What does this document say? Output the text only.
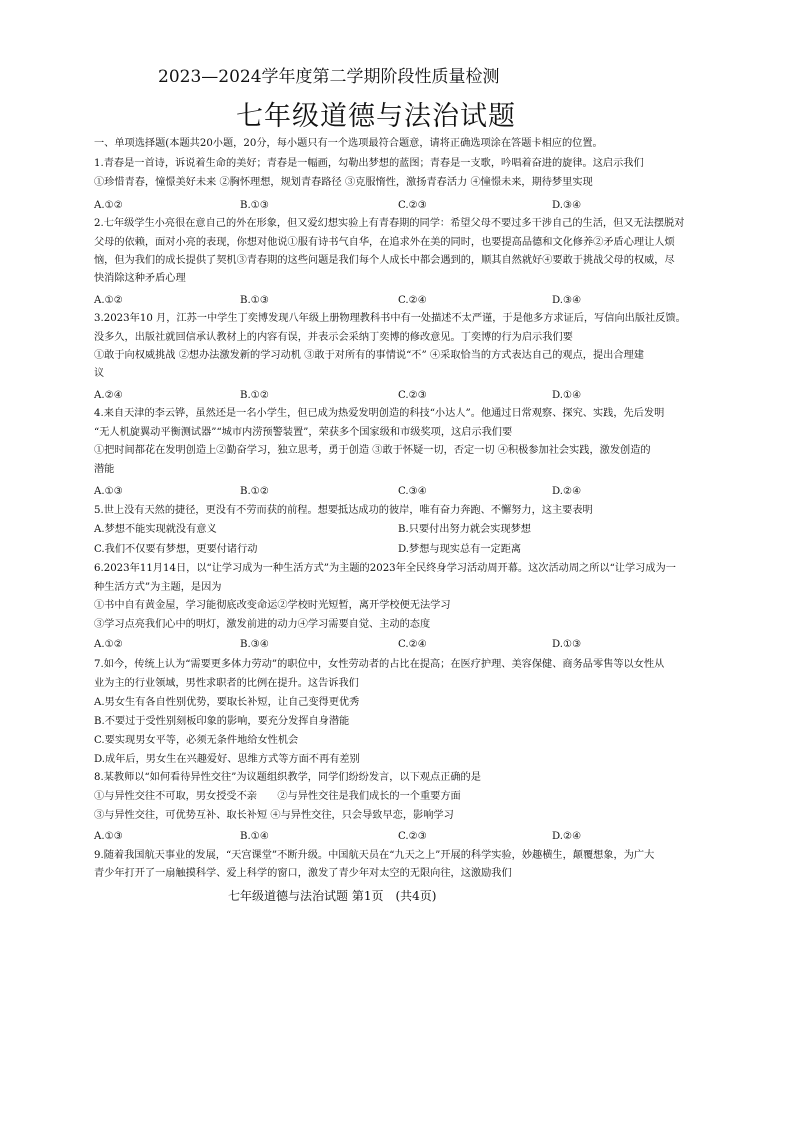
2023—2024学年度第二学期阶段性质量检测
七年级道德与法治试题
一、单项选择题(本题共20小题，20分，每小题只有一个选项最符合题意，请将正确选项涂在答题卡相应的位置。
1.青春是一首诗，诉说着生命的美好；青春是一幅画，勾勒出梦想的蓝图；青春是一支歌，吟唱着奋进的旋律。这启示我们
①珍惜青春，憧憬美好未来 ②胸怀理想，规划青春路径 ③克服惰性，激扬青春活力 ④憧憬未来，期待梦里实现
A.①②	B.①③	C.②③	D.③④
2.七年级学生小亮很在意自己的外在形象，但又爱幻想实验上有青春期的同学：希望父母不要过多干涉自己的生活，但又无法摆脱对
父母的依赖，面对小亮的表现，你想对他说①服有诗书气自华，在追求外在美的同时，也要提高品德和文化修养②矛盾心理让人烦
恼，但为我们的成长提供了契机③青春期的这些问题是我们每个人成长中都会遇到的，顺其自然就好④要敢于挑战父母的权威，尽
快消除这种矛盾心理
A.①②	B.①③	C.②④	D.③④
3.2023年10 月，江苏一中学生丁奕博发现八年级上册物理教科书中有一处描述不太严谨，于是他多方求证后，写信向出版社反馈。
没多久，出版社就回信承认教材上的内容有误，并表示会采纳丁奕博的修改意见。丁奕博的行为启示我们要
①敢于向权威挑战 ②想办法激发新的学习动机 ③敢于对所有的事情说“不” ④采取恰当的方式表达自己的观点，提出合理建
议
A.②④	B.①②	C.②③	D.①④
4.来自天津的李云铧，虽然还是一名小学生，但已成为热爱发明创造的科技“小达人”。他通过日常观察、探究、实践，先后发明
“无人机旋翼动平衡测试器”“城市内涝预警装置”，荣获多个国家级和市级奖项，这启示我们要
①把时间都花在发明创造上②勤奋学习，独立思考，勇于创造 ③敢于怀疑一切，否定一切 ④积极参加社会实践，激发创造的
潜能
A.①③	B.①②	C.③④	D.②④
5.世上没有天然的捷径，更没有不劳而获的前程。想要抵达成功的彼岸，唯有奋力奔跑、不懈努力，这主要表明
A.梦想不能实现就没有意义	B.只要付出努力就会实现梦想
C.我们不仅要有梦想，更要付诸行动	D.梦想与现实总有一定距离
6.2023年11月14日，以“让学习成为一种生活方式”为主题的2023年全民终身学习活动周开幕。这次活动周之所以“让学习成为一
种生活方式”为主题，是因为
①书中自有黄金屋，学习能彻底改变命运②学校时光短暂，离开学校便无法学习
③学习点亮我们心中的明灯，激发前进的动力④学习需要自觉、主动的态度
A.①②	B.③④	C.②④	D.①③
7.如今，传统上认为“需要更多体力劳动”的职位中，女性劳动者的占比在提高；在医疗护理、美容保健、商务品零售等以女性从
业为主的行业领域，男性求职者的比例在提升。这告诉我们
A.男女生有各自性别优势，要取长补短，让自己变得更优秀
B.不要过于受性别刻板印象的影响，要充分发挥自身潜能
C.要实现男女平等，必须无条件地给女性机会
D.成年后，男女生在兴趣爱好、思维方式等方面不再有差别
8.某教师以“如何看待异性交往”为议题组织教学，同学们纷纷发言，以下观点正确的是
①与异性交往不可取，男女授受不亲　　②与异性交往是我们成长的一个重要方面
③与异性交往，可优势互补、取长补短 ④与异性交往，只会导致早恋，影响学习
A.①③	B.①④	C.②③	D.②④
9.随着我国航天事业的发展，“天宫课堂”不断升级。中国航天员在“九天之上”开展的科学实验，妙趣横生，颠覆想象，为广大
青少年打开了一扇触摸科学、爱上科学的窗口，激发了青少年对太空的无限向往，这激励我们
七年级道德与法治试题 第1页　(共4页)
